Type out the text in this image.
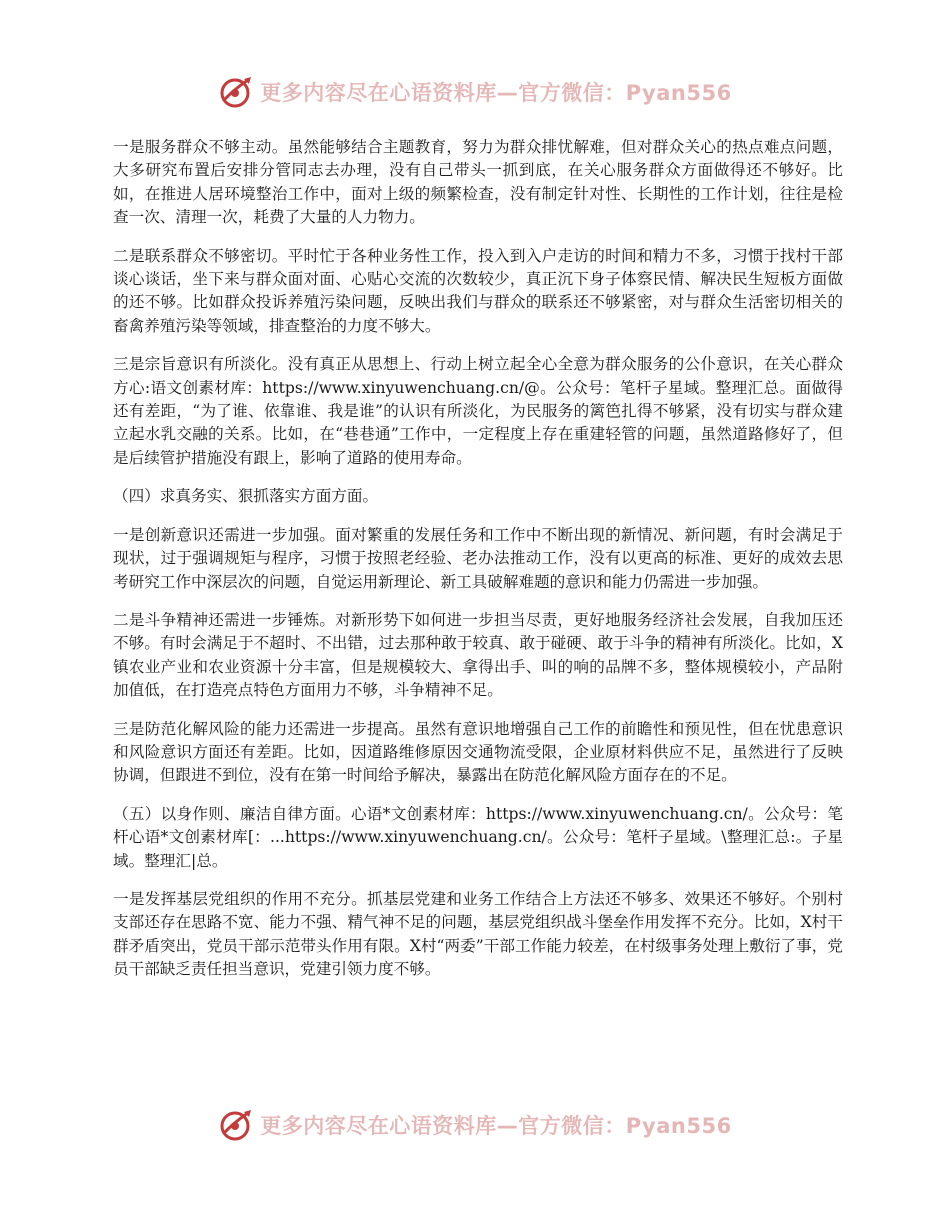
更多内容尽在心语资料库—官方微信：Pyan556

一是服务群众不够主动。虽然能够结合主题教育，努力为群众排忧解难，但对群众关心的热点难点问题，大多研究布置后安排分管同志去办理，没有自己带头一抓到底，在关心服务群众方面做得还不够好。比如，在推进人居环境整治工作中，面对上级的频繁检查，没有制定针对性、长期性的工作计划，往往是检查一次、清理一次，耗费了大量的人力物力。

二是联系群众不够密切。平时忙于各种业务性工作，投入到入户走访的时间和精力不多，习惯于找村干部谈心谈话，坐下来与群众面对面、心贴心交流的次数较少，真正沉下身子体察民情、解决民生短板方面做的还不够。比如群众投诉养殖污染问题，反映出我们与群众的联系还不够紧密，对与群众生活密切相关的畜禽养殖污染等领域，排查整治的力度不够大。

三是宗旨意识有所淡化。没有真正从思想上、行动上树立起全心全意为群众服务的公仆意识，在关心群众方心:语文创素材库：https://www.xinyuwenchuang.cn/@。公众号：笔杆子星域。整理汇总。面做得还有差距，“为了谁、依靠谁、我是谁”的认识有所淡化，为民服务的篱笆扎得不够紧，没有切实与群众建立起水乳交融的关系。比如，在“巷巷通”工作中，一定程度上存在重建轻管的问题，虽然道路修好了，但是后续管护措施没有跟上，影响了道路的使用寿命。

（四）求真务实、狠抓落实方面方面。

一是创新意识还需进一步加强。面对繁重的发展任务和工作中不断出现的新情况、新问题，有时会满足于现状，过于强调规矩与程序，习惯于按照老经验、老办法推动工作，没有以更高的标准、更好的成效去思考研究工作中深层次的问题，自觉运用新理论、新工具破解难题的意识和能力仍需进一步加强。

二是斗争精神还需进一步锤炼。对新形势下如何进一步担当尽责，更好地服务经济社会发展，自我加压还不够。有时会满足于不超时、不出错，过去那种敢于较真、敢于碰硬、敢于斗争的精神有所淡化。比如，X镇农业产业和农业资源十分丰富，但是规模较大、拿得出手、叫的响的品牌不多，整体规模较小，产品附加值低，在打造亮点特色方面用力不够，斗争精神不足。

三是防范化解风险的能力还需进一步提高。虽然有意识地增强自己工作的前瞻性和预见性，但在忧患意识和风险意识方面还有差距。比如，因道路维修原因交通物流受限，企业原材料供应不足，虽然进行了反映协调，但跟进不到位，没有在第一时间给予解决，暴露出在防范化解风险方面存在的不足。

（五）以身作则、廉洁自律方面。心语*文创素材库：https://www.xinyuwenchuang.cn/。公众号：笔杆心语*文创素材库[：...https://www.xinyuwenchuang.cn/。公众号：笔杆子星域。\整理汇总:。子星域。整理汇|总。

一是发挥基层党组织的作用不充分。抓基层党建和业务工作结合上方法还不够多、效果还不够好。个别村支部还存在思路不宽、能力不强、精气神不足的问题，基层党组织战斗堡垒作用发挥不充分。比如，X村干群矛盾突出，党员干部示范带头作用有限。X村“两委”干部工作能力较差，在村级事务处理上敷衍了事，党员干部缺乏责任担当意识，党建引领力度不够。

更多内容尽在心语资料库—官方微信：Pyan556
